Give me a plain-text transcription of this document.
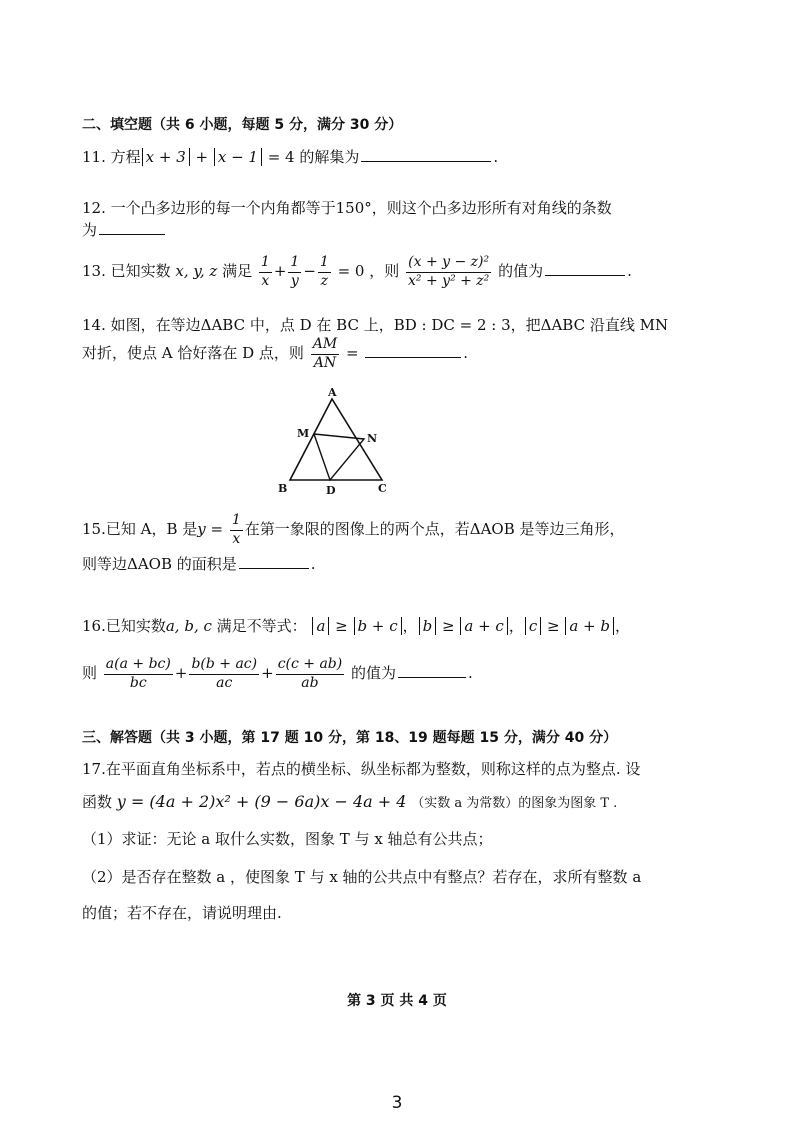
二、填空题（共 6 小题，每题 5 分，满分 30 分）
11. 方程 x + 3 + x − 1 = 4 的解集为	.
12. 一个凸多边形的每一个内角都等于150°，则这个凸多边形所有对角线的条数
为
13. 已知实数 x, y, z 满足 $\frac{1}{x} + \frac{1}{y} - \frac{1}{z} = 0$ ，则 $\frac{\text{(x + y − z)²}}{\text{x² + y² + z²}}$ 的值为	.
14. 如图，在等边ΔABC 中，点 D 在 BC 上，BD : DC = 2 : 3，把ΔABC 沿直线 MN
对折，使点 A 恰好落在 D 点，则 $\frac{AM}{AN}$ =	.
A
M	N
B	D	C
15.已知 A，B 是$y = \frac{1}{x}$ 在第一象限的图像上的两个点，若ΔAOB 是等边三角形，
则等边ΔAOB 的面积是	.
16.已知实数a, b, c 满足不等式： a ≥ b + c ， b ≥ a + c ， c ≥ a + b ，
则 $\frac{a(a + bc)}{bc} + \frac{b(b + ac)}{ac} + \frac{c(c + ab)}{ab}$ 的值为	.
三、解答题（共 3 小题，第 17 题 10 分，第 18、19 题每题 15 分，满分 40 分）
17.在平面直角坐标系中，若点的横坐标、纵坐标都为整数，则称这样的点为整点. 设
函数 y = (4a + 2)x² + (9 − 6a)x − 4a + 4 （实数 a 为常数）的图象为图象 T .
（1）求证：无论 a 取什么实数，图象 T 与 x 轴总有公共点；
（2）是否存在整数 a ，使图象 T 与 x 轴的公共点中有整点？若存在，求所有整数 a
的值；若不存在，请说明理由.
第 3 页 共 4 页
3
